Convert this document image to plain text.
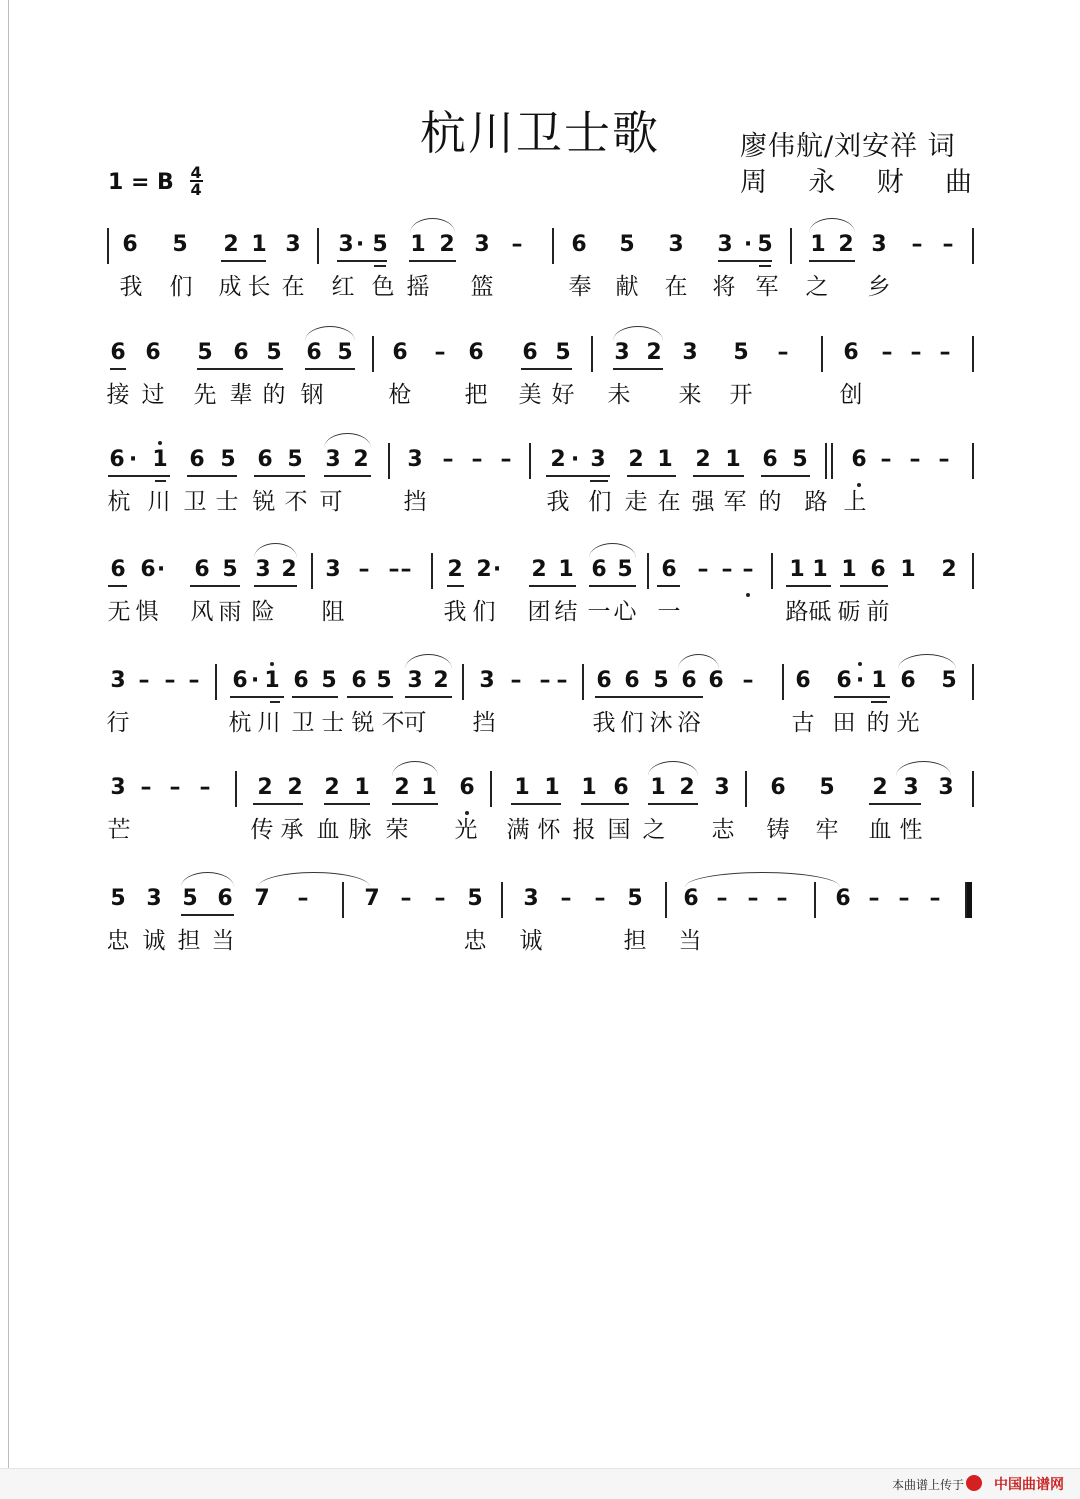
杭川卫士歌	廖伟航/刘安祥 词
周永财曲
1 = B $\frac{4}{4}$
6 5 2 1 3 3 · 5 1 2 3 – 6 5 3 3 · 5 1 2 3 – –
我 们 成 长 在 红 色 摇 篮	奉 献 在 将 军 之 乡
6 6 5 6 5 6 5 6 – 6 6 5 3 2 3 5 – 6 – – –
接 过 先 辈 的 钢	枪 把 美 好 未 来 开	创
6 · 1 6 5 6 5 3 2 3 – – – 2 · 3 2 1 2 1 6 5 6 – – –
杭 川 卫 士 锐 不 可	挡	我 们 走 在 强 军 的 路 上
6 6 · 6 5 3 2 3 – – – 2 2 · 2 1 6 5 6 – – – 1 1 1 6 1 2
无 惧 风 雨 险 阻	我 们 团 结 一 心 一	路 砥 砺 前
3 – – – 6 · 1 6 5 6 5 3 2 3 – – – 6 6 5 6 6 – 6 6 · 1 6 5
行	杭 川 卫 士 锐 不 可 挡	我 们 沐 浴	古 田 的 光
3 – – – 2 2 2 1 2 1 6 1 1 1 6 1 2 3 6 5 2 3 3
芒	传 承 血 脉 荣 光 满 怀 报 国 之 志 铸 牢 血 性
5 3 5 6 7 –	7 – – 5 3 – – 5 6 – – – 6 – – –
忠 诚 担 当	忠 诚	担 当
本曲谱上传于 中国曲谱网
